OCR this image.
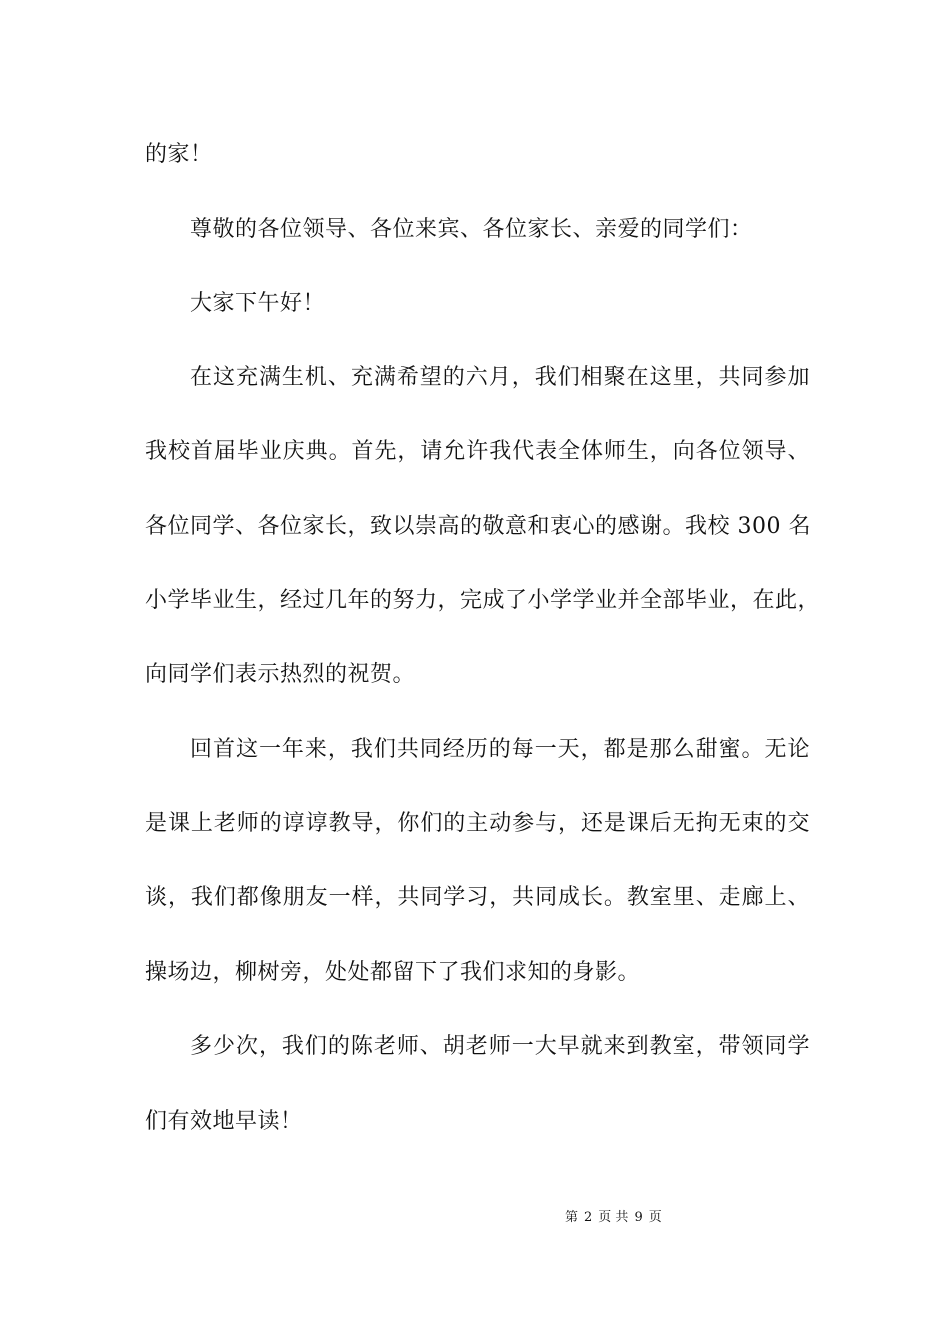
的家！
尊敬的各位领导、各位来宾、各位家长、亲爱的同学们：
大家下午好！
在这充满生机、充满希望的六月，我们相聚在这里，共同参加
我校首届毕业庆典。首先，请允许我代表全体师生，向各位领导、
各位同学、各位家长，致以崇高的敬意和衷心的感谢。我校 300 名
小学毕业生，经过几年的努力，完成了小学学业并全部毕业，在此，
向同学们表示热烈的祝贺。
回首这一年来，我们共同经历的每一天，都是那么甜蜜。无论
是课上老师的谆谆教导，你们的主动参与，还是课后无拘无束的交
谈，我们都像朋友一样，共同学习，共同成长。教室里、走廊上、
操场边，柳树旁，处处都留下了我们求知的身影。
多少次，我们的陈老师、胡老师一大早就来到教室，带领同学
们有效地早读！
第 2 页 共 9 页
